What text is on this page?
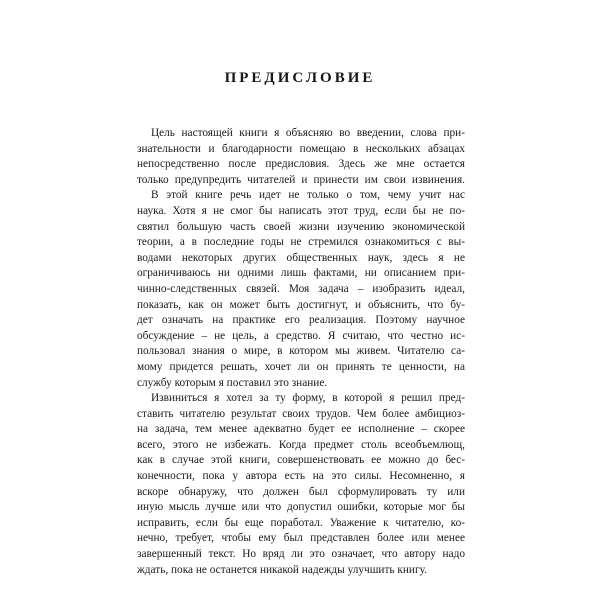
ПРЕДИСЛОВИЕ
Цель настоящей книги я объясняю во введении, слова при-
знательности и благодарности помещаю в нескольких абзацах
непосредственно после предисловия. Здесь же мне остается
только предупредить читателей и принести им свои извинения.
В этой книге речь идет не только о том, чему учит нас
наука. Хотя я не смог бы написать этот труд, если бы не по-
святил большую часть своей жизни изучению экономической
теории, а в последние годы не стремился ознакомиться с вы-
водами некоторых других общественных наук, здесь я не
ограничиваюсь ни одними лишь фактами, ни описанием при-
чинно-следственных связей. Моя задача – изобразить идеал,
показать, как он может быть достигнут, и объяснить, что бу-
дет означать на практике его реализация. Поэтому научное
обсуждение – не цель, а средство. Я считаю, что честно ис-
пользовал знания о мире, в котором мы живем. Читателю са-
мому придется решать, хочет ли он принять те ценности, на
службу которым я поставил это знание.
Извиниться я хотел за ту форму, в которой я решил пред-
ставить читателю результат своих трудов. Чем более амбициоз-
на задача, тем менее адекватно будет ее исполнение – скорее
всего, этого не избежать. Когда предмет столь всеобъемлющ,
как в случае этой книги, совершенствовать ее можно до бес-
конечности, пока у автора есть на это силы. Несомненно, я
вскоре обнаружу, что должен был сформулировать ту или
иную мысль лучше или что допустил ошибки, которые мог бы
исправить, если бы еще поработал. Уважение к читателю, ко-
нечно, требует, чтобы ему был представлен более или менее
завершенный текст. Но вряд ли это означает, что автору надо
ждать, пока не останется никакой надежды улучшить книгу.
